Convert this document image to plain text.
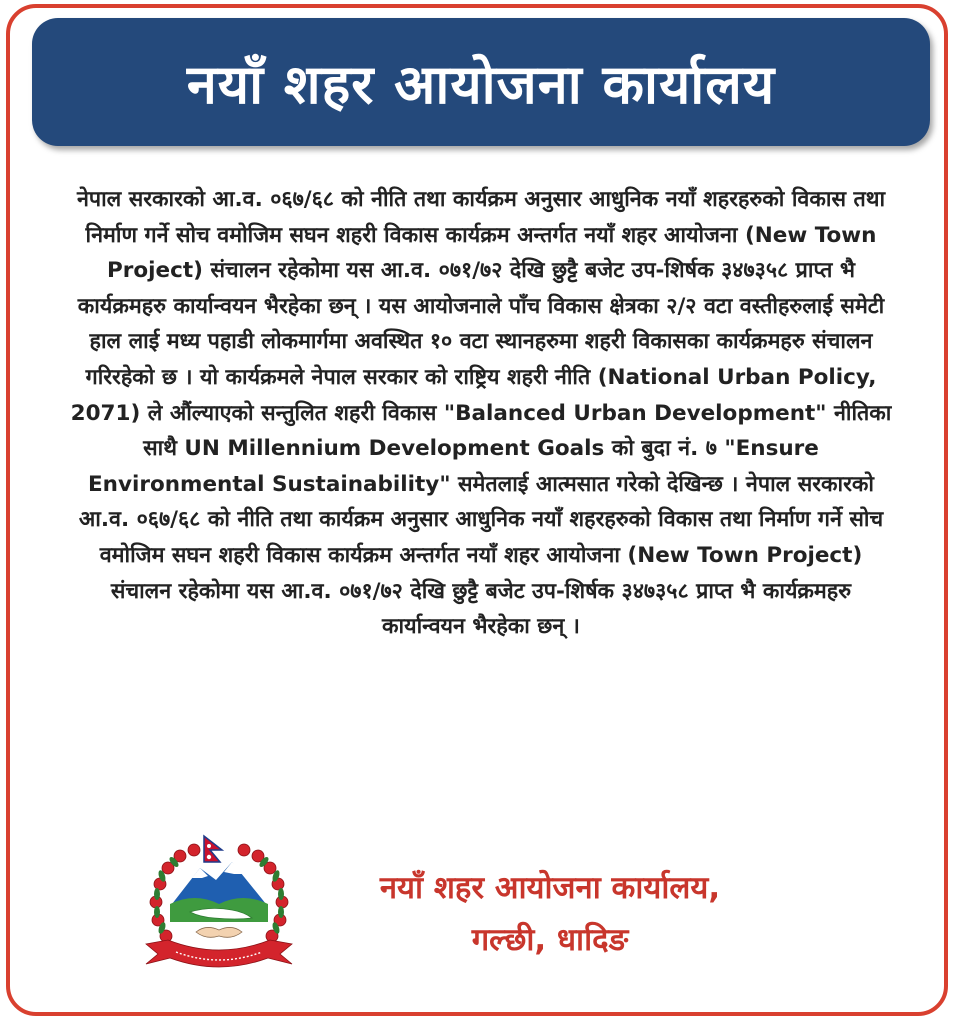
नयाँ शहर आयोजना कार्यालय
नेपाल सरकारको आ.व. ०६७/६८ को नीति तथा कार्यक्रम अनुसार आधुनिक नयाँ शहरहरुको विकास तथा निर्माण गर्ने सोच वमोजिम सघन शहरी विकास कार्यक्रम अन्तर्गत नयाँ शहर आयोजना (New Town Project) संचालन रहेकोमा यस आ.व. ०७१/७२ देखि छुट्टै बजेट उप-शिर्षक ३४७३५८ प्राप्त भै कार्यक्रमहरु कार्यान्वयन भैरहेका छन् । यस आयोजनाले पाँच विकास क्षेत्रका २/२ वटा वस्तीहरुलाई समेटी हाल लाई मध्य पहाडी लोकमार्गमा अवस्थित १० वटा स्थानहरुमा शहरी विकासका कार्यक्रमहरु संचालन गरिरहेको छ । यो कार्यक्रमले नेपाल सरकार को राष्ट्रिय शहरी नीति (National Urban Policy, 2071) ले औंल्याएको सन्तुलित शहरी विकास "Balanced Urban Development" नीतिका साथै UN Millennium Development Goals को बुदा नं. ७ "Ensure Environmental Sustainability" समेतलाई आत्मसात गरेको देखिन्छ । नेपाल सरकारको आ.व. ०६७/६८ को नीति तथा कार्यक्रम अनुसार आधुनिक नयाँ शहरहरुको विकास तथा निर्माण गर्ने सोच वमोजिम सघन शहरी विकास कार्यक्रम अन्तर्गत नयाँ शहर आयोजना (New Town Project) संचालन रहेकोमा यस आ.व. ०७१/७२ देखि छुट्टै बजेट उप-शिर्षक ३४७३५८ प्राप्त भै कार्यक्रमहरु कार्यान्वयन भैरहेका छन् ।
नयाँ शहर आयोजना कार्यालय,
गल्छी, धादिङ
